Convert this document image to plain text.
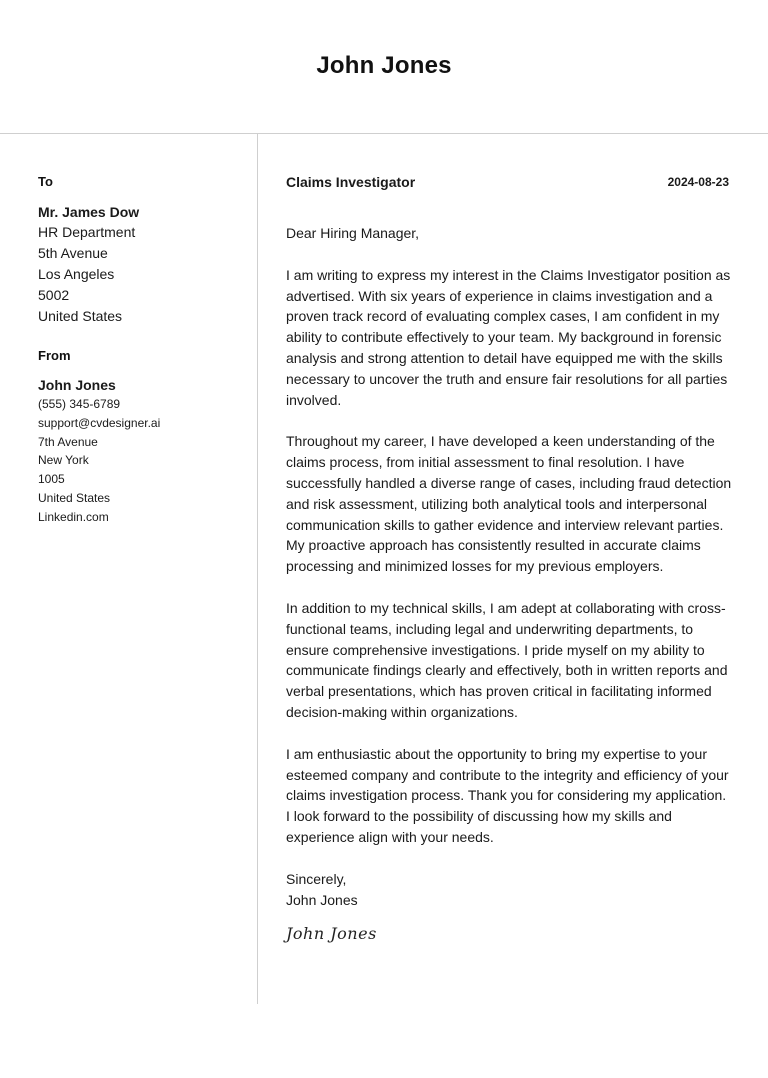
John Jones
To
Mr. James Dow
HR Department
5th Avenue
Los Angeles
5002
United States
From
John Jones
(555) 345-6789
support@cvdesigner.ai
7th Avenue
New York
1005
United States
Linkedin.com
Claims Investigator	2024-08-23

Dear Hiring Manager,

I am writing to express my interest in the Claims Investigator position as advertised. With six years of experience in claims investigation and a proven track record of evaluating complex cases, I am confident in my ability to contribute effectively to your team. My background in forensic analysis and strong attention to detail have equipped me with the skills necessary to uncover the truth and ensure fair resolutions for all parties involved.

Throughout my career, I have developed a keen understanding of the claims process, from initial assessment to final resolution. I have successfully handled a diverse range of cases, including fraud detection and risk assessment, utilizing both analytical tools and interpersonal communication skills to gather evidence and interview relevant parties. My proactive approach has consistently resulted in accurate claims processing and minimized losses for my previous employers.

In addition to my technical skills, I am adept at collaborating with cross-functional teams, including legal and underwriting departments, to ensure comprehensive investigations. I pride myself on my ability to communicate findings clearly and effectively, both in written reports and verbal presentations, which has proven critical in facilitating informed decision-making within organizations.

I am enthusiastic about the opportunity to bring my expertise to your esteemed company and contribute to the integrity and efficiency of your claims investigation process. Thank you for considering my application. I look forward to the possibility of discussing how my skills and experience align with your needs.

Sincerely,
John Jones
John Jones
